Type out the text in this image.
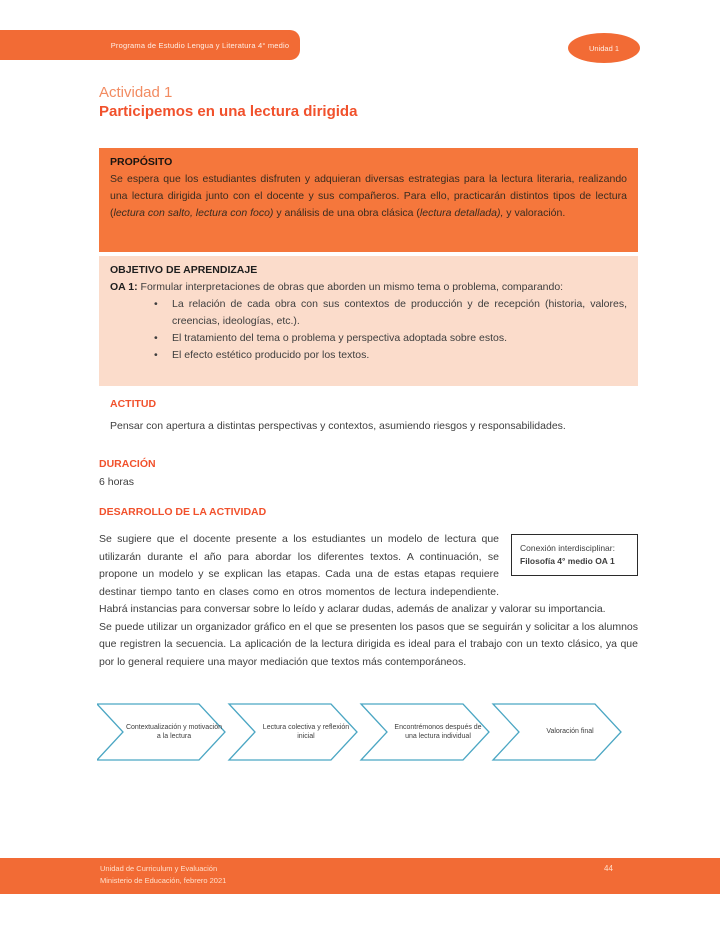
Programa de Estudio Lengua y Literatura 4° medio	Unidad 1
Actividad 1
Participemos en una lectura dirigida
PROPÓSITO

Se espera que los estudiantes disfruten y adquieran diversas estrategias para la lectura literaria, realizando una lectura dirigida junto con el docente y sus compañeros. Para ello, practicarán distintos tipos de lectura (lectura con salto, lectura con foco) y análisis de una obra clásica (lectura detallada), y valoración.

OBJETIVO DE APRENDIZAJE

OA 1: Formular interpretaciones de obras que aborden un mismo tema o problema, comparando:

• La relación de cada obra con sus contextos de producción y de recepción (historia, valores, creencias, ideologías, etc.).
• El tratamiento del tema o problema y perspectiva adoptada sobre estos.
• El efecto estético producido por los textos.
ACTITUD
Pensar con apertura a distintas perspectivas y contextos, asumiendo riesgos y responsabilidades.
DURACIÓN
6 horas
DESARROLLO DE LA ACTIVIDAD
Conexión interdisciplinar:
Filosofía 4° medio OA 1

Se sugiere que el docente presente a los estudiantes un modelo de lectura que utilizarán durante el año para abordar los diferentes textos. A continuación, se propone un modelo y se explican las etapas. Cada una de estas etapas requiere destinar tiempo tanto en clases como en otros momentos de lectura independiente. Habrá instancias para conversar sobre lo leído y aclarar dudas, además de analizar y valorar su importancia.

Se puede utilizar un organizador gráfico en el que se presenten los pasos que se seguirán y solicitar a los alumnos que registren la secuencia. La aplicación de la lectura dirigida es ideal para el trabajo con un texto clásico, ya que por lo general requiere una mayor mediación que textos más contemporáneos.

Contextualización y motivación a la lectura
Lectura colectiva y reflexión inicial
Encontrémonos después de una lectura individual
Valoración final
Unidad de Curriculum y Evaluación
Ministerio de Educación, febrero 2021
44
